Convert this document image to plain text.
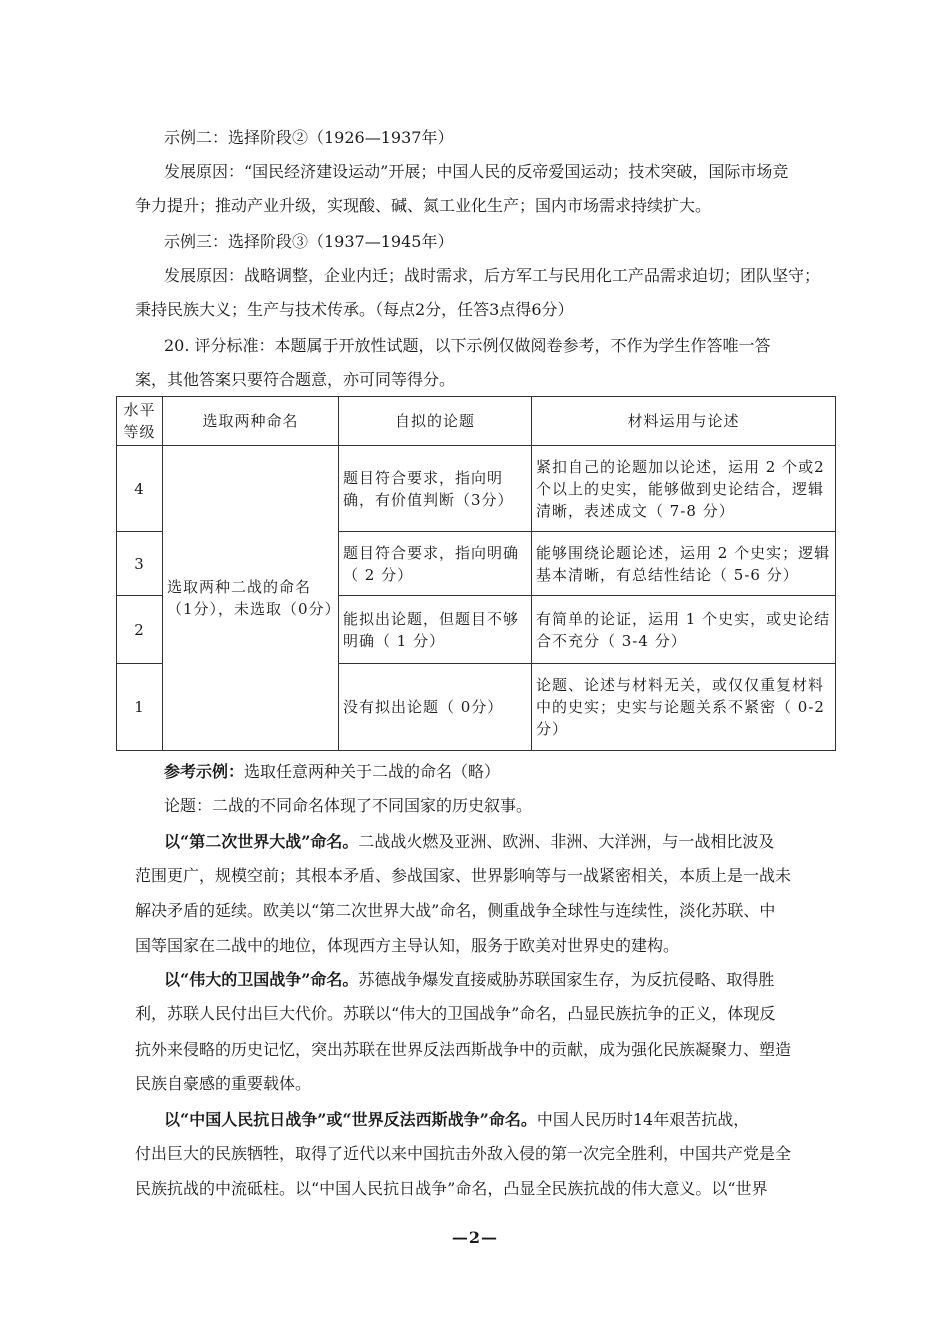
示例二：选择阶段②（1926—1937年）
发展原因：“国民经济建设运动”开展；中国人民的反帝爱国运动；技术突破，国际市场竞
争力提升；推动产业升级，实现酸、碱、氮工业化生产；国内市场需求持续扩大。
示例三：选择阶段③（1937—1945年）
发展原因：战略调整，企业内迁；战时需求，后方军工与民用化工产品需求迫切；团队坚守；
秉持民族大义；生产与技术传承。（每点2分，任答3点得6分）
20. 评分标准：本题属于开放性试题，以下示例仅做阅卷参考，不作为学生作答唯一答
案，其他答案只要符合题意，亦可同等得分。
水平等级	选取两种命名	自拟的论题	材料运用与论述
4	选取两种二战的命名（1分），未选取（0分）	题目符合要求，指向明确，有价值判断（3分）	紧扣自己的论题加以论述，运用 2 个或2个以上的史实，能够做到史论结合，逻辑清晰，表述成文（ 7-8 分）
3		题目符合要求，指向明确（ 2 分）	能够围绕论题论述，运用 2 个史实；逻辑基本清晰，有总结性结论（ 5-6 分）
2		能拟出论题，但题目不够明确（ 1 分）	有简单的论证，运用 1 个史实，或史论结合不充分（ 3-4 分）
1		没有拟出论题（ 0分）	论题、论述与材料无关，或仅仅重复材料中的史实；史实与论题关系不紧密（ 0-2 分）
参考示例：选取任意两种关于二战的命名（略）
论题：二战的不同命名体现了不同国家的历史叙事。
以“第二次世界大战”命名。二战战火燃及亚洲、欧洲、非洲、大洋洲，与一战相比波及
范围更广，规模空前；其根本矛盾、参战国家、世界影响等与一战紧密相关，本质上是一战未
解决矛盾的延续。欧美以“第二次世界大战”命名，侧重战争全球性与连续性，淡化苏联、中
国等国家在二战中的地位，体现西方主导认知，服务于欧美对世界史的建构。
以“伟大的卫国战争”命名。苏德战争爆发直接威胁苏联国家生存，为反抗侵略、取得胜
利，苏联人民付出巨大代价。苏联以“伟大的卫国战争”命名，凸显民族抗争的正义，体现反
抗外来侵略的历史记忆，突出苏联在世界反法西斯战争中的贡献，成为强化民族凝聚力、塑造
民族自豪感的重要载体。
以“中国人民抗日战争”或“世界反法西斯战争”命名。中国人民历时14年艰苦抗战，
付出巨大的民族牺牲，取得了近代以来中国抗击外敌入侵的第一次完全胜利，中国共产党是全
民族抗战的中流砥柱。以“中国人民抗日战争”命名，凸显全民族抗战的伟大意义。以“世界
—2—
